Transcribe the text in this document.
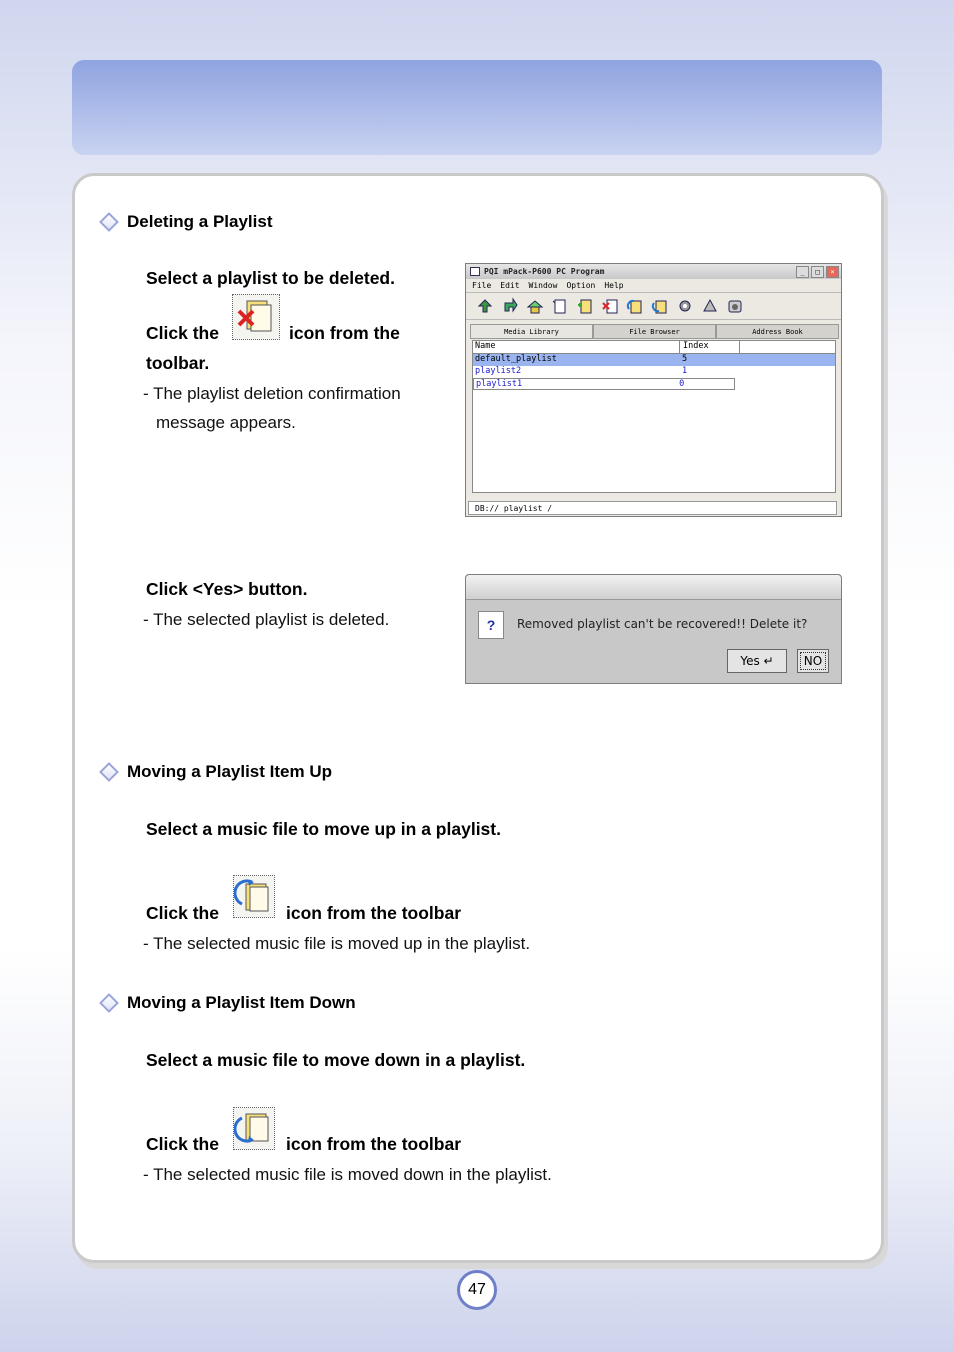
Deleting a Playlist
Select a playlist to be deleted.
Click the	icon from the
toolbar.
- The playlist deletion confirmation
message appears.
PQI mPack-P600 PC Program	_	□	×
File Edit Window Option Help
Media Library	File Browser	Address Book
Name	Index
default_playlist	5
playlist2	1
playlist1	0
DB:// playlist /
Click <Yes> button.
- The selected playlist is deleted.	?	Removed playlist can't be recovered!! Delete it?
Yes ↵	NO
Moving a Playlist Item Up
Select a music file to move up in a playlist.
Click the	icon from the toolbar
- The selected music file is moved up in the playlist.
Moving a Playlist Item Down
Select a music file to move down in a playlist.
Click the	icon from the toolbar
- The selected music file is moved down in the playlist.
47
